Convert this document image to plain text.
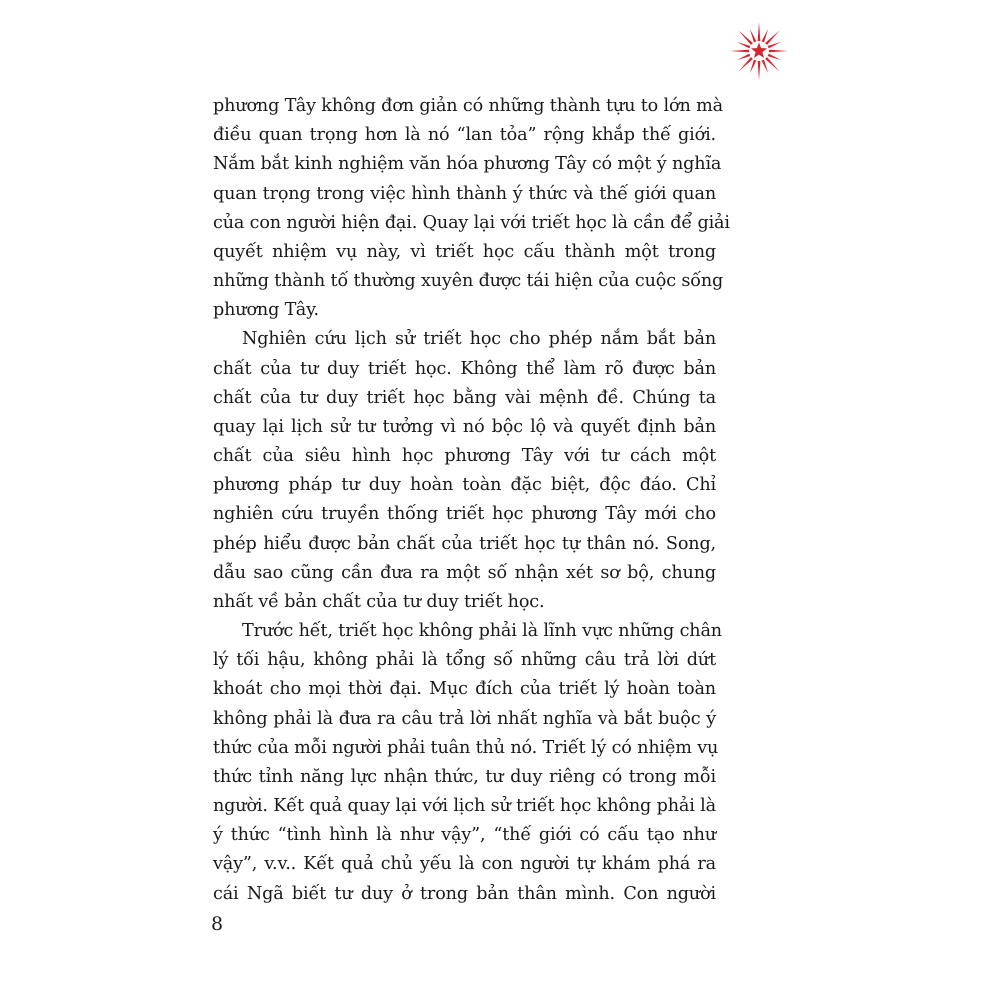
phương Tây không đơn giản có những thành tựu to lớn mà
điều quan trọng hơn là nó “lan tỏa” rộng khắp thế giới.
Nắm bắt kinh nghiệm văn hóa phương Tây có một ý nghĩa
quan trọng trong việc hình thành ý thức và thế giới quan
của con người hiện đại. Quay lại với triết học là cần để giải
quyết nhiệm vụ này, vì triết học cấu thành một trong
những thành tố thường xuyên được tái hiện của cuộc sống
phương Tây.
Nghiên cứu lịch sử triết học cho phép nắm bắt bản
chất của tư duy triết học. Không thể làm rõ được bản
chất của tư duy triết học bằng vài mệnh đề. Chúng ta
quay lại lịch sử tư tưởng vì nó bộc lộ và quyết định bản
chất của siêu hình học phương Tây với tư cách một
phương pháp tư duy hoàn toàn đặc biệt, độc đáo. Chỉ
nghiên cứu truyền thống triết học phương Tây mới cho
phép hiểu được bản chất của triết học tự thân nó. Song,
dẫu sao cũng cần đưa ra một số nhận xét sơ bộ, chung
nhất về bản chất của tư duy triết học.
Trước hết, triết học không phải là lĩnh vực những chân
lý tối hậu, không phải là tổng số những câu trả lời dứt
khoát cho mọi thời đại. Mục đích của triết lý hoàn toàn
không phải là đưa ra câu trả lời nhất nghĩa và bắt buộc ý
thức của mỗi người phải tuân thủ nó. Triết lý có nhiệm vụ
thức tỉnh năng lực nhận thức, tư duy riêng có trong mỗi
người. Kết quả quay lại với lịch sử triết học không phải là
ý thức “tình hình là như vậy”, “thế giới có cấu tạo như
vậy”, v.v.. Kết quả chủ yếu là con người tự khám phá ra
cái Ngã biết tư duy ở trong bản thân mình. Con người
8
